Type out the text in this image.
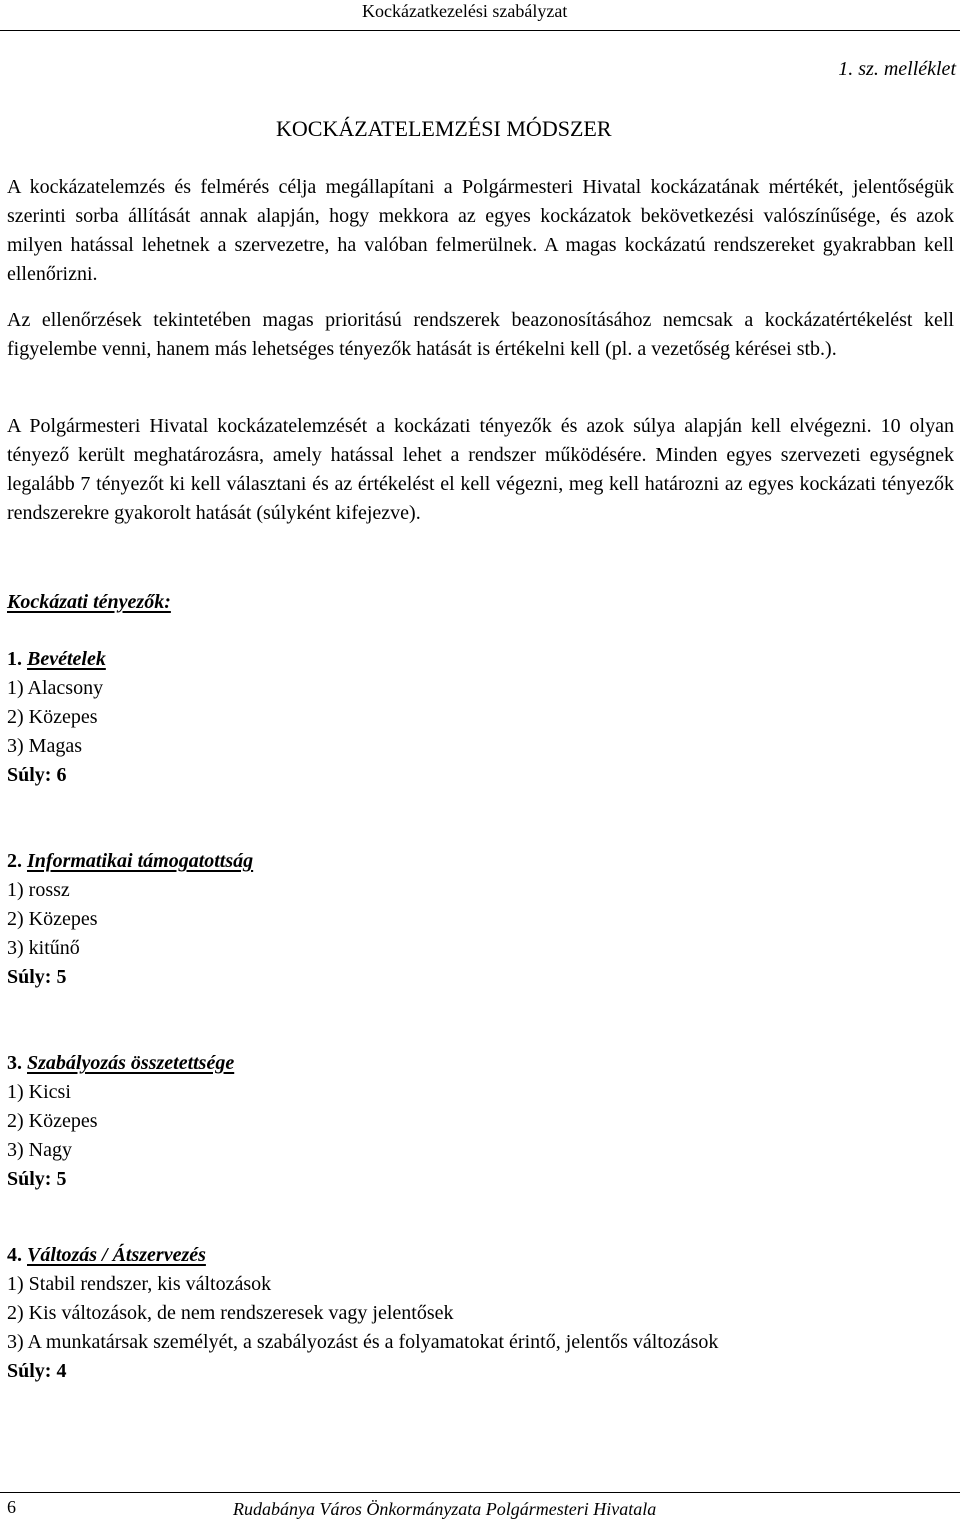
Kockázatkezelési szabályzat
1. sz. melléklet
KOCKÁZATELEMZÉSI MÓDSZER

A kockázatelemzés és felmérés célja megállapítani a Polgármesteri Hivatal kockázatának mértékét, jelentőségük szerinti sorba állítását annak alapján, hogy mekkora az egyes kockázatok bekövetkezési valószínűsége, és azok milyen hatással lehetnek a szervezetre, ha valóban felmerülnek. A magas kockázatú rendszereket gyakrabban kell ellenőrizni.

Az ellenőrzések tekintetében magas prioritású rendszerek beazonosításához nemcsak a kockázatértékelést kell figyelembe venni, hanem más lehetséges tényezők hatását is értékelni kell (pl. a vezetőség kérései stb.).

A Polgármesteri Hivatal kockázatelemzését a kockázati tényezők és azok súlya alapján kell elvégezni. 10 olyan tényező került meghatározásra, amely hatással lehet a rendszer működésére. Minden egyes szervezeti egységnek legalább 7 tényezőt ki kell választani és az értékelést el kell végezni, meg kell határozni az egyes kockázati tényezők rendszerekre gyakorolt hatását (súlyként kifejezve).

Kockázati tényezők:

1. Bevételek

1) Alacsony

2) Közepes

3) Magas

Súly: 6

2. Informatikai támogatottság

1) rossz

2) Közepes

3) kitűnő

Súly: 5

3. Szabályozás összetettsége

1) Kicsi

2) Közepes

3) Nagy

Súly: 5

4. Változás / Átszervezés

1) Stabil rendszer, kis változások

2) Kis változások, de nem rendszeresek vagy jelentősek

3) A munkatársak személyét, a szabályozást és a folyamatokat érintő, jelentős változások

Súly: 4

6	Rudabánya Város Önkormányzata Polgármesteri Hivatala
